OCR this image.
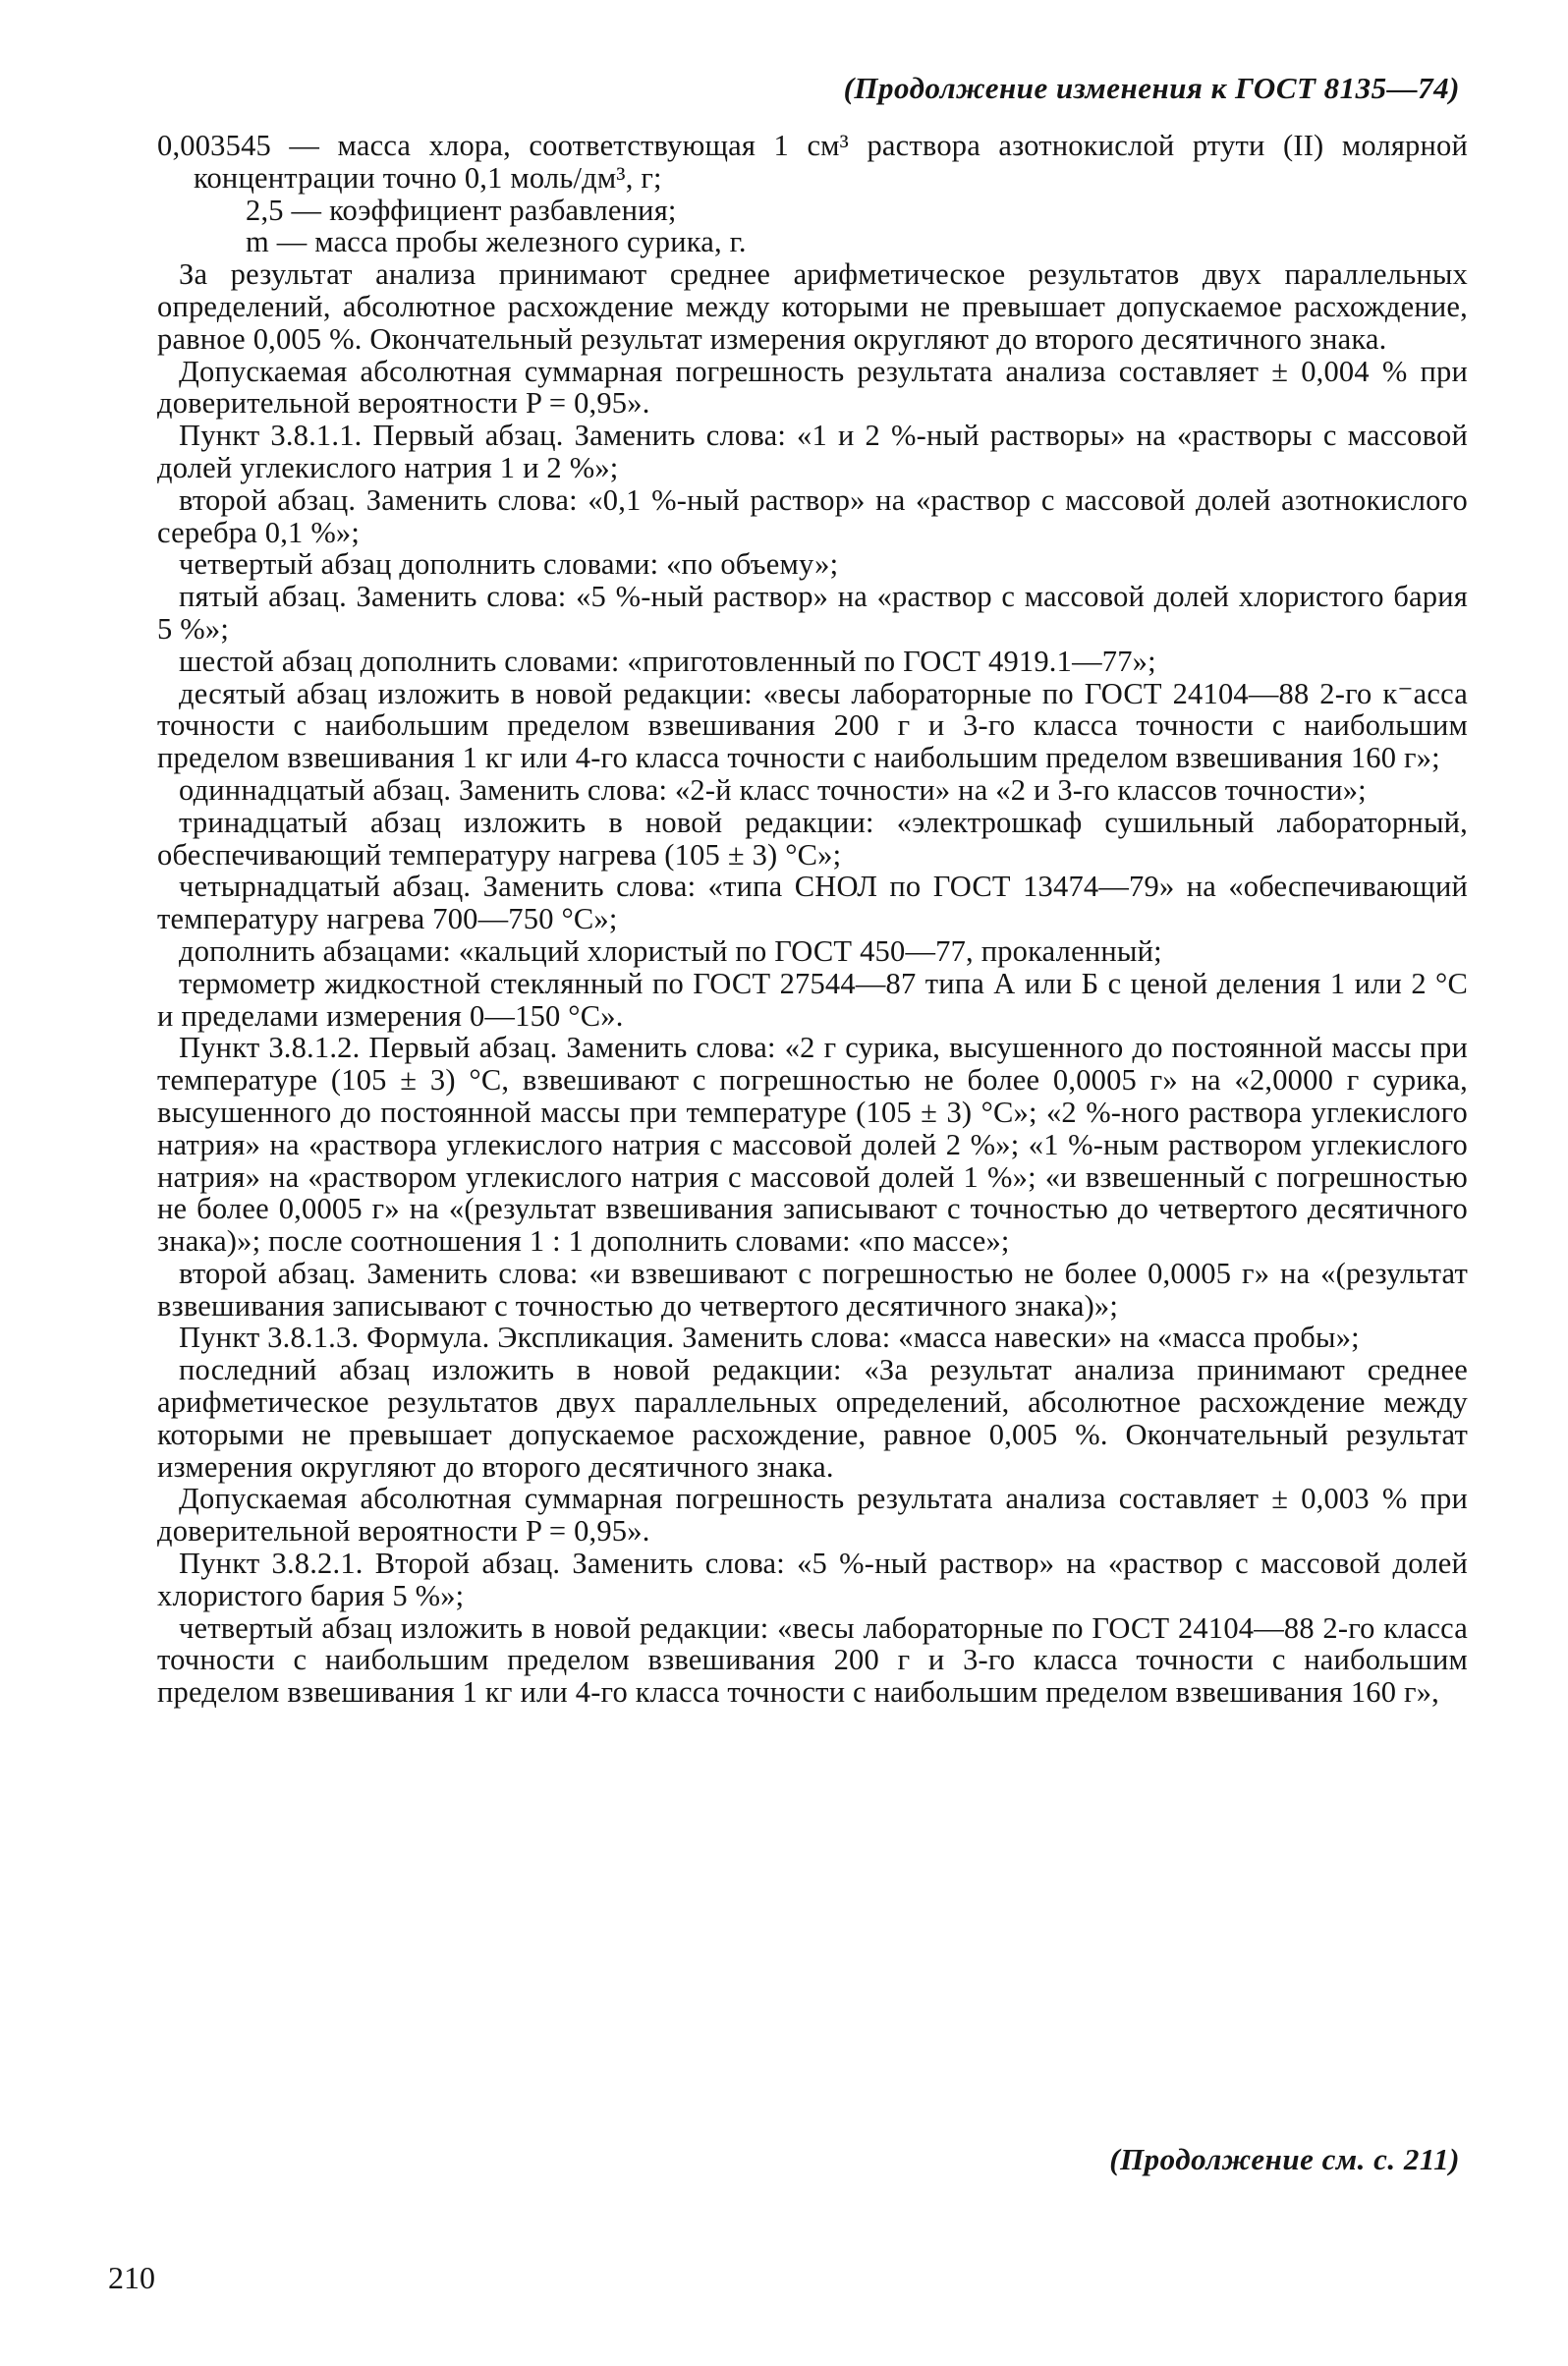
(Продолжение изменения к ГОСТ 8135—74)

0,003545 — масса хлора, соответствующая 1 см³ раствора азотнокислой ртути (II) молярной концентрации точно 0,1 моль/дм³, г;

2,5 — коэффициент разбавления;

m — масса пробы железного сурика, г.

За результат анализа принимают среднее арифметическое результатов двух параллельных определений, абсолютное расхождение между которыми не превышает допускаемое расхождение, равное 0,005 %. Окончательный результат измерения округляют до второго десятичного знака.

Допускаемая абсолютная суммарная погрешность результата анализа составляет ± 0,004 % при доверительной вероятности P = 0,95».

Пункт 3.8.1.1. Первый абзац. Заменить слова: «1 и 2 %-ный растворы» на «растворы с массовой долей углекислого натрия 1 и 2 %»;

второй абзац. Заменить слова: «0,1 %-ный раствор» на «раствор с массовой долей азотнокислого серебра 0,1 %»;

четвертый абзац дополнить словами: «по объему»;

пятый абзац. Заменить слова: «5 %-ный раствор» на «раствор с массовой долей хлористого бария 5 %»;

шестой абзац дополнить словами: «приготовленный по ГОСТ 4919.1—77»;

десятый абзац изложить в новой редакции: «весы лабораторные по ГОСТ 24104—88 2-го к⁻асса точности с наибольшим пределом взвешивания 200 г и 3-го класса точности с наибольшим пределом взвешивания 1 кг или 4-го класса точности с наибольшим пределом взвешивания 160 г»;

одиннадцатый абзац. Заменить слова: «2-й класс точности» на «2 и 3-го классов точности»;

тринадцатый абзац изложить в новой редакции: «электрошкаф сушильный лабораторный, обеспечивающий температуру нагрева (105 ± 3) °С»;

четырнадцатый абзац. Заменить слова: «типа СНОЛ по ГОСТ 13474—79» на «обеспечивающий температуру нагрева 700—750 °С»;

дополнить абзацами: «кальций хлористый по ГОСТ 450—77, прокаленный;

термометр жидкостной стеклянный по ГОСТ 27544—87 типа А или Б с ценой деления 1 или 2 °С и пределами измерения 0—150 °С».

Пункт 3.8.1.2. Первый абзац. Заменить слова: «2 г сурика, высушенного до постоянной массы при температуре (105 ± 3) °С, взвешивают с погрешностью не более 0,0005 г» на «2,0000 г сурика, высушенного до постоянной массы при температуре (105 ± 3) °С»; «2 %-ного раствора углекислого натрия» на «раствора углекислого натрия с массовой долей 2 %»; «1 %-ным раствором углекислого натрия» на «раствором углекислого натрия с массовой долей 1 %»; «и взвешенный с погрешностью не более 0,0005 г» на «(результат взвешивания записывают с точностью до четвертого десятичного знака)»; после соотношения 1 : 1 дополнить словами: «по массе»;

второй абзац. Заменить слова: «и взвешивают с погрешностью не более 0,0005 г» на «(результат взвешивания записывают с точностью до четвертого десятичного знака)»;

Пункт 3.8.1.3. Формула. Экспликация. Заменить слова: «масса навески» на «масса пробы»;

последний абзац изложить в новой редакции: «За результат анализа принимают среднее арифметическое результатов двух параллельных определений, абсолютное расхождение между которыми не превышает допускаемое расхождение, равное 0,005 %. Окончательный результат измерения округляют до второго десятичного знака.

Допускаемая абсолютная суммарная погрешность результата анализа составляет ± 0,003 % при доверительной вероятности P = 0,95».

Пункт 3.8.2.1. Второй абзац. Заменить слова: «5 %-ный раствор» на «раствор с массовой долей хлористого бария 5 %»;

четвертый абзац изложить в новой редакции: «весы лабораторные по ГОСТ 24104—88 2-го класса точности с наибольшим пределом взвешивания 200 г и 3-го класса точности с наибольшим пределом взвешивания 1 кг или 4-го класса точности с наибольшим пределом взвешивания 160 г»,

(Продолжение см. с. 211)
210
